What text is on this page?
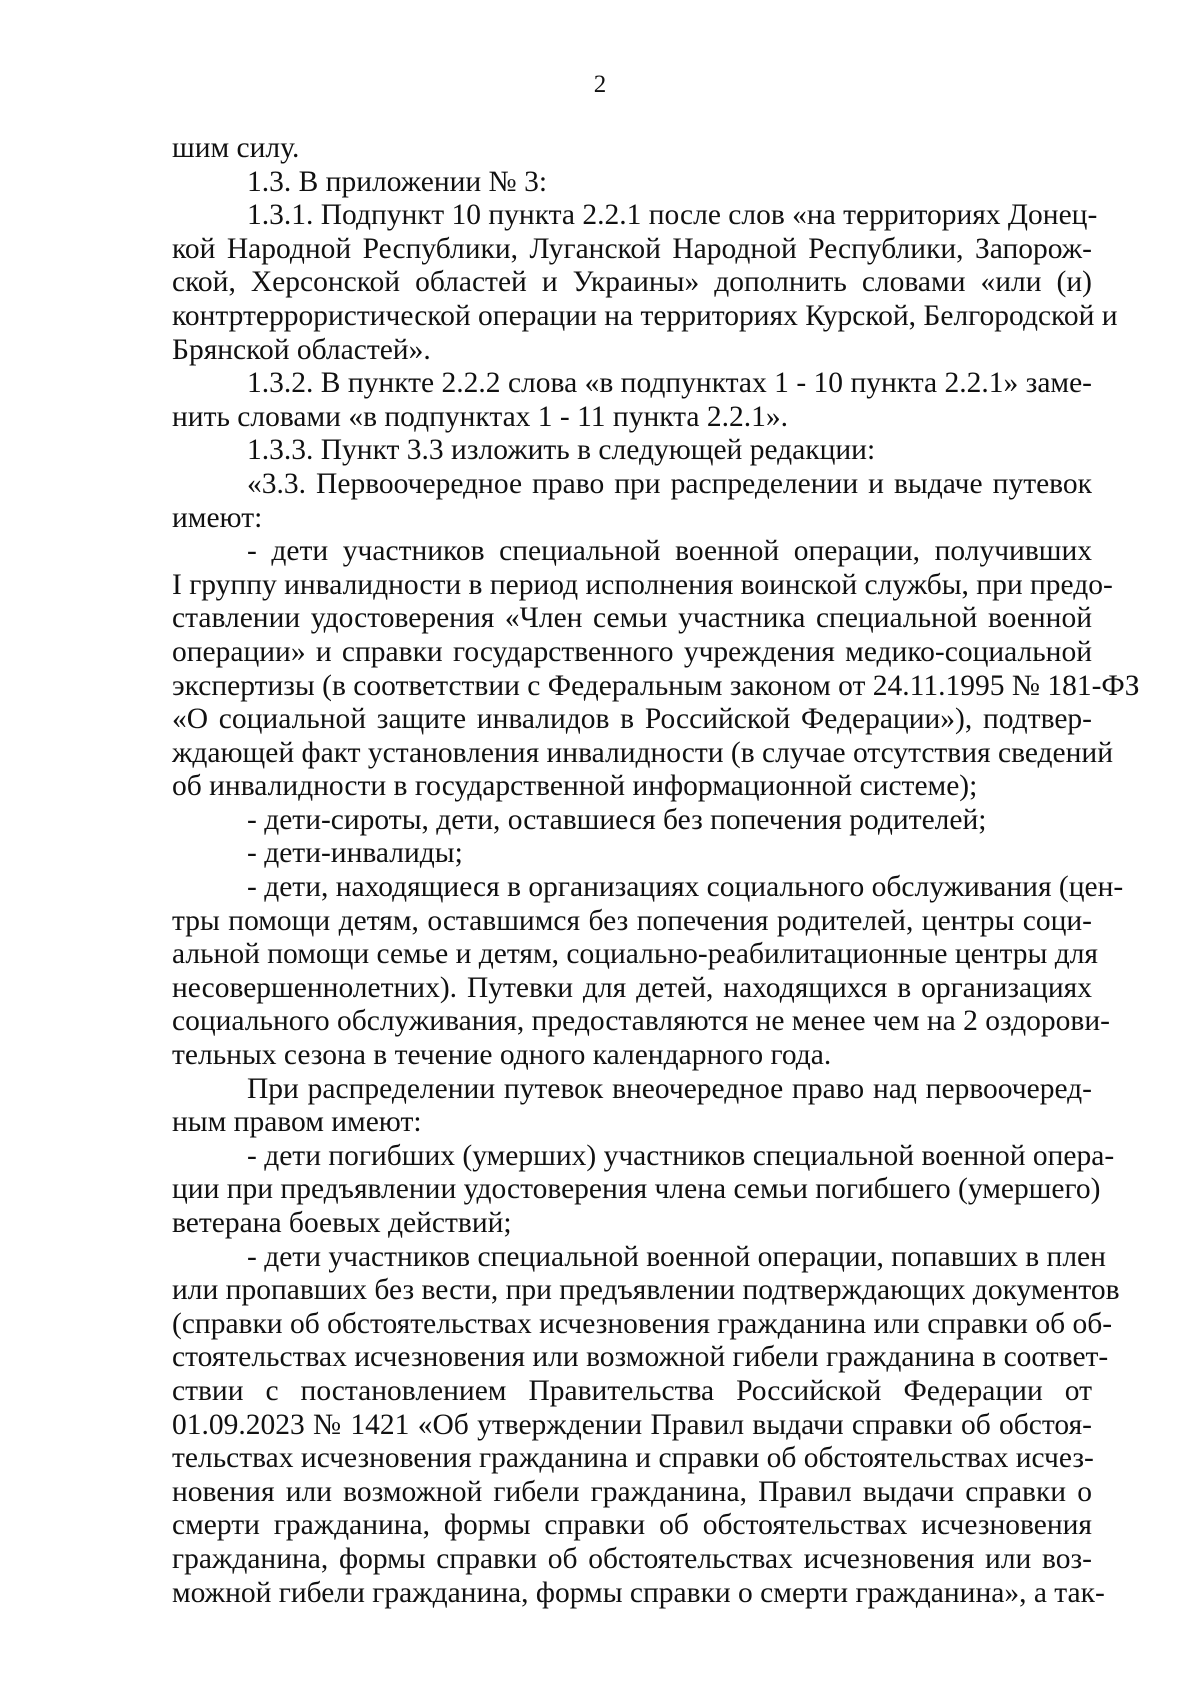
2
шим силу.
1.3. В приложении № 3:
1.3.1. Подпункт 10 пункта 2.2.1 после слов «на территориях Донец-
кой Народной Республики, Луганской Народной Республики, Запорож-
ской, Херсонской областей и Украины» дополнить словами «или (и)
контртеррористической операции на территориях Курской, Белгородской и
Брянской областей».
1.3.2. В пункте 2.2.2 слова «в подпунктах 1 - 10 пункта 2.2.1» заме-
нить словами «в подпунктах 1 - 11 пункта 2.2.1».
1.3.3. Пункт 3.3 изложить в следующей редакции:
«3.3. Первоочередное право при распределении и выдаче путевок
имеют:
- дети участников специальной военной операции, получивших
I группу инвалидности в период исполнения воинской службы, при предо-
ставлении удостоверения «Член семьи участника специальной военной
операции» и справки государственного учреждения медико-социальной
экспертизы (в соответствии с Федеральным законом от 24.11.1995 № 181-ФЗ
«О социальной защите инвалидов в Российской Федерации»), подтвер-
ждающей факт установления инвалидности (в случае отсутствия сведений
об инвалидности в государственной информационной системе);
- дети-сироты, дети, оставшиеся без попечения родителей;
- дети-инвалиды;
- дети, находящиеся в организациях социального обслуживания (цен-
тры помощи детям, оставшимся без попечения родителей, центры соци-
альной помощи семье и детям, социально-реабилитационные центры для
несовершеннолетних). Путевки для детей, находящихся в организациях
социального обслуживания, предоставляются не менее чем на 2 оздорови-
тельных сезона в течение одного календарного года.
При распределении путевок внеочередное право над первоочеред-
ным правом имеют:
- дети погибших (умерших) участников специальной военной опера-
ции при предъявлении удостоверения члена семьи погибшего (умершего)
ветерана боевых действий;
- дети участников специальной военной операции, попавших в плен
или пропавших без вести, при предъявлении подтверждающих документов
(справки об обстоятельствах исчезновения гражданина или справки об об-
стоятельствах исчезновения или возможной гибели гражданина в соответ-
ствии с постановлением Правительства Российской Федерации от
01.09.2023 № 1421 «Об утверждении Правил выдачи справки об обстоя-
тельствах исчезновения гражданина и справки об обстоятельствах исчез-
новения или возможной гибели гражданина, Правил выдачи справки о
смерти гражданина, формы справки об обстоятельствах исчезновения
гражданина, формы справки об обстоятельствах исчезновения или воз-
можной гибели гражданина, формы справки о смерти гражданина», а так-
